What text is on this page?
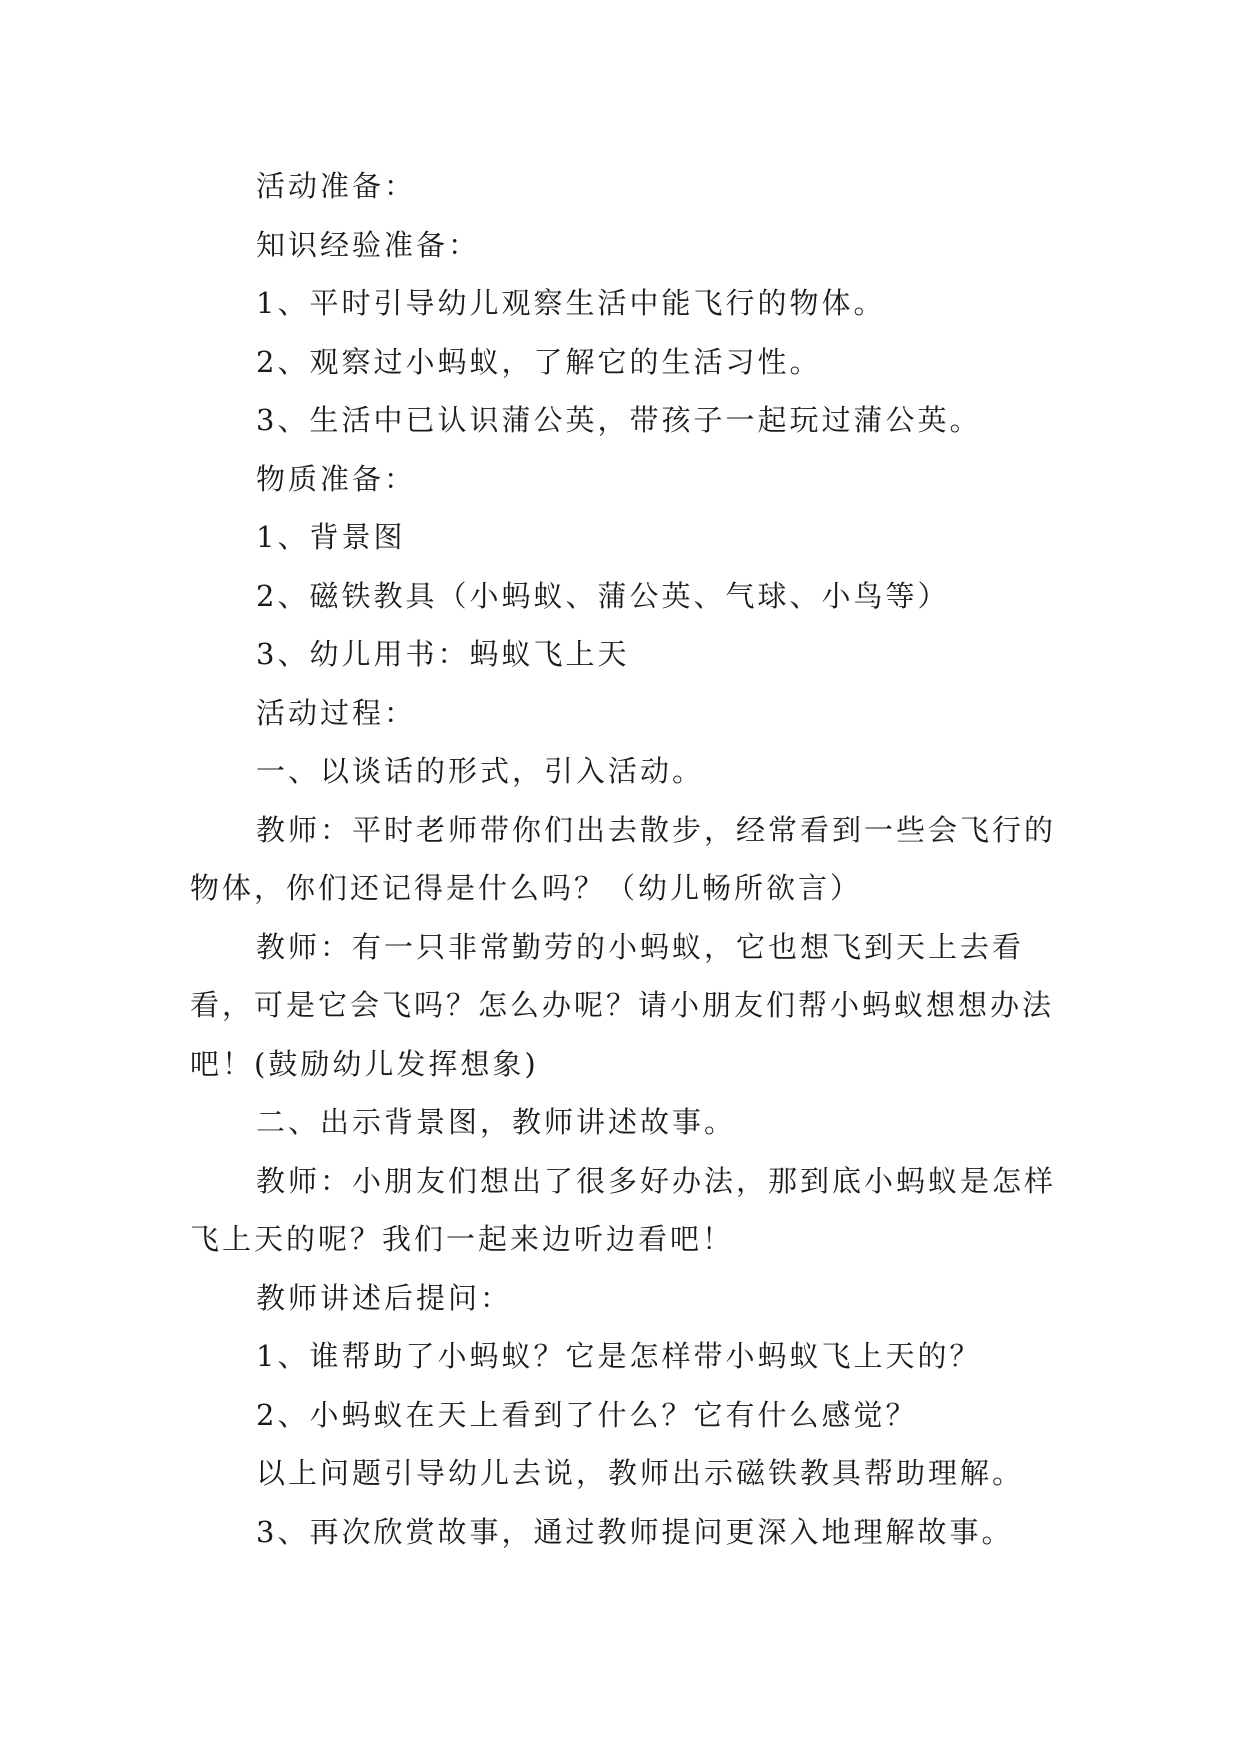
活动准备：

知识经验准备：

1、平时引导幼儿观察生活中能飞行的物体。

2、观察过小蚂蚁，了解它的生活习性。

3、生活中已认识蒲公英，带孩子一起玩过蒲公英。

物质准备：

1、背景图

2、磁铁教具（小蚂蚁、蒲公英、气球、小鸟等）

3、幼儿用书：蚂蚁飞上天

活动过程：

一、以谈话的形式，引入活动。

教师：平时老师带你们出去散步，经常看到一些会飞行的物体，你们还记得是什么吗？（幼儿畅所欲言）

教师：有一只非常勤劳的小蚂蚁，它也想飞到天上去看看，可是它会飞吗？怎么办呢？请小朋友们帮小蚂蚁想想办法吧！(鼓励幼儿发挥想象)

二、出示背景图，教师讲述故事。

教师：小朋友们想出了很多好办法，那到底小蚂蚁是怎样飞上天的呢？我们一起来边听边看吧！

教师讲述后提问：

1、谁帮助了小蚂蚁？它是怎样带小蚂蚁飞上天的？

2、小蚂蚁在天上看到了什么？它有什么感觉？

以上问题引导幼儿去说，教师出示磁铁教具帮助理解。

3、再次欣赏故事，通过教师提问更深入地理解故事。
